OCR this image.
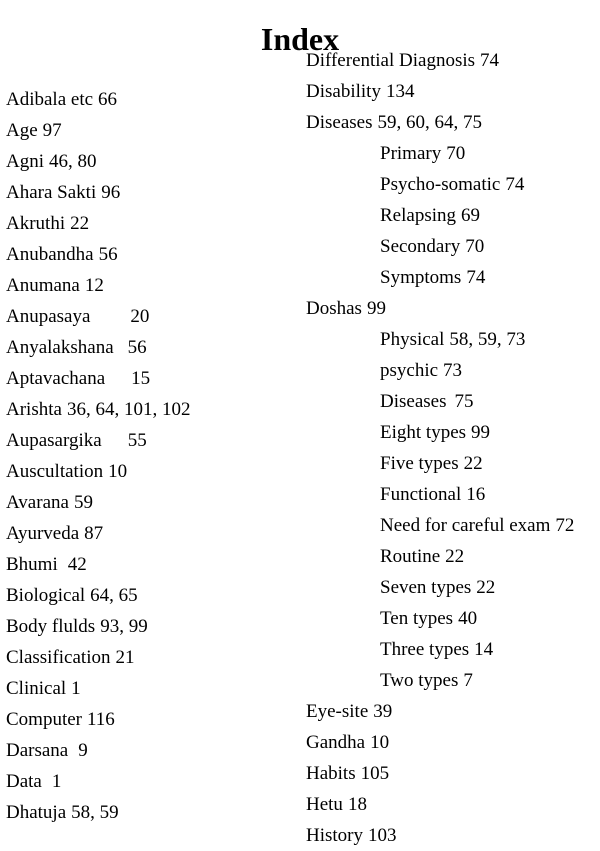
Index
Adibala etc 66
Age 97
Agni 46, 80
Ahara Sakti 96
Akruthi 22
Anubandha 56
Anumana 12
Anupasaya 20
Anyalakshana 56
Aptavachana 15
Arishta 36, 64, 101, 102
Aupasargika 55
Auscultation 10
Avarana 59
Ayurveda 87
Bhumi 42
Biological 64, 65
Body flulds 93, 99
Classification 21
Clinical 1
Computer 116
Darsana 9
Data 1
Dhatuja 58, 59
Differential Diagnosis 74
Disability 134
Diseases 59, 60, 64, 75
Primary 70
Psycho-somatic 74
Relapsing 69
Secondary 70
Symptoms 74
Doshas 99
Physical 58, 59, 73
psychic 73
Diseases 75
Eight types 99
Five types 22
Functional 16
Need for careful exam 72
Routine 22
Seven types 22
Ten types 40
Three types 14
Two types 7
Eye-site 39
Gandha 10
Habits 105
Hetu 18
History 103
